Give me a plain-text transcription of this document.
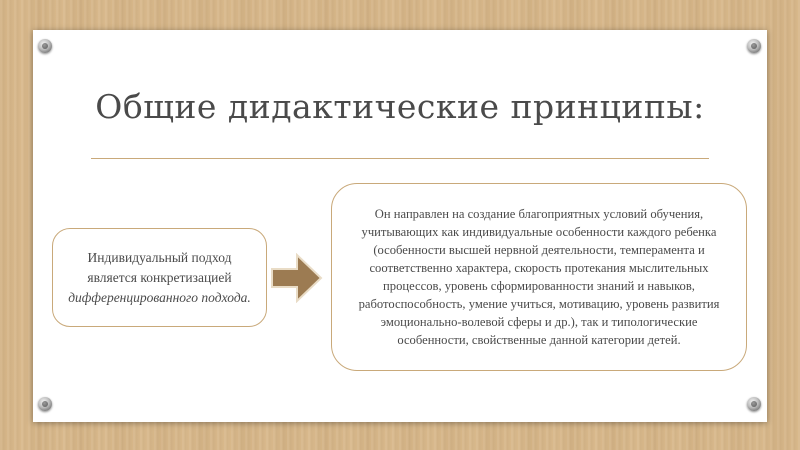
Общие дидактические принципы:
Индивидуальный подход
является конкретизацией
дифференцированного подхода.

Он направлен на создание благоприятных условий обучения, учитывающих как индивидуальные особенности каждого ребенка (особенности высшей нервной деятельности, темперамента и соответственно характера, скорость протекания мыслительных процессов, уровень сформированности знаний и навыков, работоспособность, умение учиться, мотивацию, уровень развития эмоционально-волевой сферы и др.), так и типологические особенности, свойственные данной категории детей.
